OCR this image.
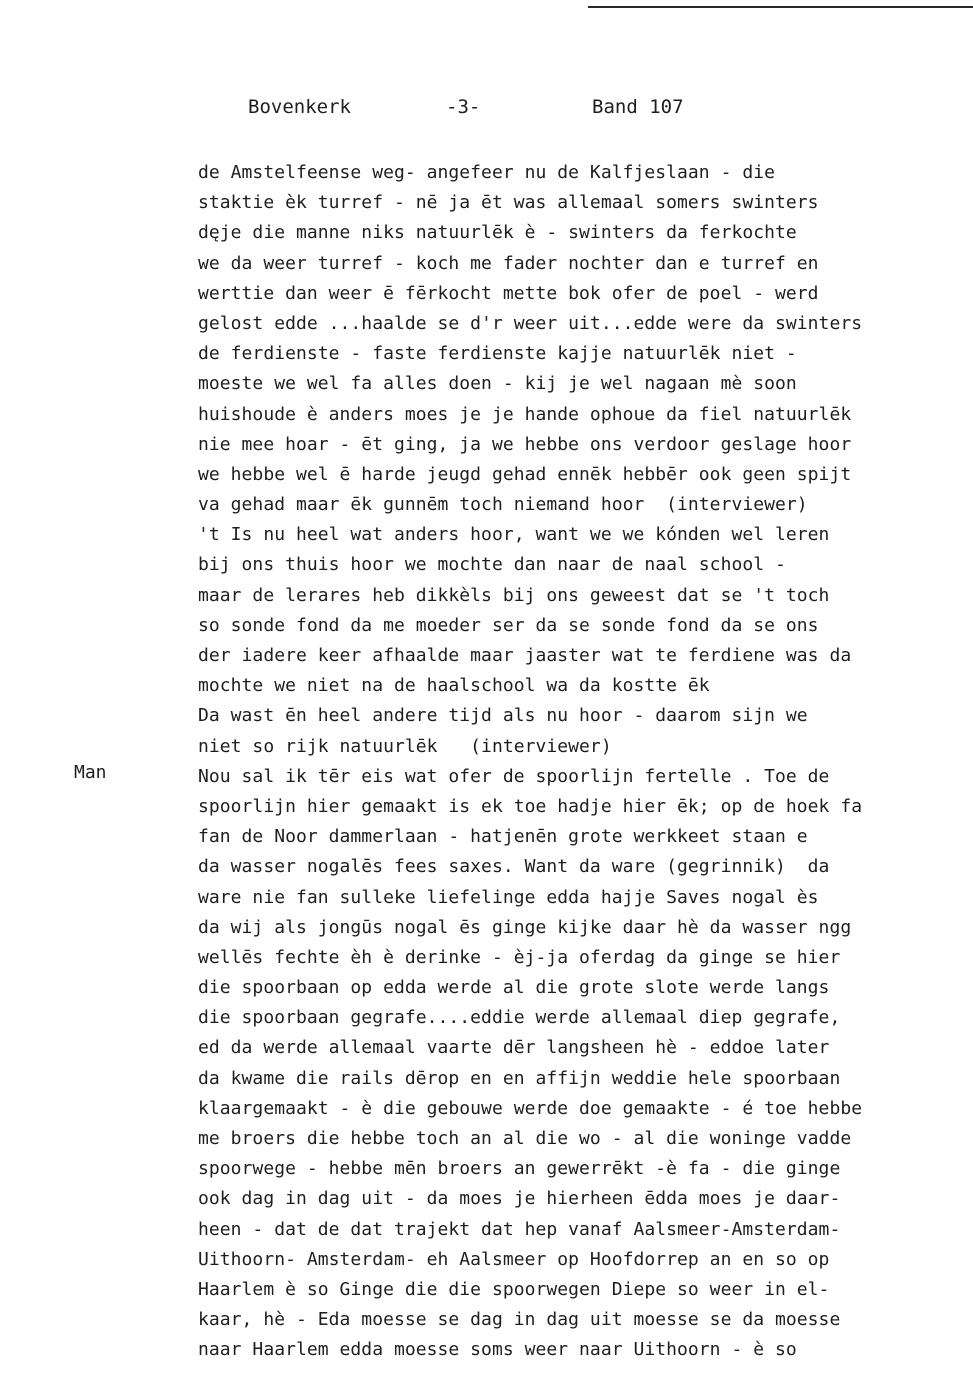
Bovenkerk	-3-	Band 107
Man
de Amstelfeense weg- angefeer nu de Kalfjeslaan - die
staktie èk turref - nē ja ēt was allemaal somers swinters
dęje die manne niks natuurlēk è - swinters da ferkochte
we da weer turref - koch me fader nochter dan e turref en
werttie dan weer ē fērkocht mette bok ofer de poel - werd
gelost edde ...haalde se d'r weer uit...edde were da swinters
de ferdienste - faste ferdienste kajje natuurlēk niet -
moeste we wel fa alles doen - kij je wel nagaan mè soon
huishoude è anders moes je je hande ophoue da fiel natuurlēk
nie mee hoar - ēt ging, ja we hebbe ons verdoor geslage hoor
we hebbe wel ē harde jeugd gehad ennēk hebbēr ook geen spijt
va gehad maar ēk gunnēm toch niemand hoor  (interviewer)
't Is nu heel wat anders hoor, want we we kónden wel leren
bij ons thuis hoor we mochte dan naar de naal school -
maar de lerares heb dikkèls bij ons geweest dat se 't toch
so sonde fond da me moeder ser da se sonde fond da se ons
der iadere keer afhaalde maar jaaster wat te ferdiene was da
mochte we niet na de haalschool wa da kostte ēk
Da wast ēn heel andere tijd als nu hoor - daarom sijn we
niet so rijk natuurlēk   (interviewer)
Nou sal ik tēr eis wat ofer de spoorlijn fertelle . Toe de
spoorlijn hier gemaakt is ek toe hadje hier ēk; op de hoek fa
fan de Noor dammerlaan - hatjenēn grote werkkeet staan e
da wasser nogalēs fees saxes. Want da ware (gegrinnik)  da
ware nie fan sulleke liefelinge edda hajje Saves nogal ès
da wij als jongūs nogal ēs ginge kijke daar hè da wasser ngg
wellēs fechte èh è derinke - èj-ja oferdag da ginge se hier
die spoorbaan op edda werde al die grote slote werde langs
die spoorbaan gegrafe....eddie werde allemaal diep gegrafe,
ed da werde allemaal vaarte dēr langsheen hè - eddoe later
da kwame die rails dērop en en affijn weddie hele spoorbaan
klaargemaakt - è die gebouwe werde doe gemaakte - é toe hebbe
me broers die hebbe toch an al die wo - al die woninge vadde
spoorwege - hebbe mēn broers an gewerrēkt -è fa - die ginge
ook dag in dag uit - da moes je hierheen ēdda moes je daar-
heen - dat de dat trajekt dat hep vanaf Aalsmeer-Amsterdam-
Uithoorn- Amsterdam- eh Aalsmeer op Hoofdorrep an en so op
Haarlem è so Ginge die die spoorwegen Diepe so weer in el-
kaar, hè - Eda moesse se dag in dag uit moesse se da moesse
naar Haarlem edda moesse soms weer naar Uithoorn - è so
